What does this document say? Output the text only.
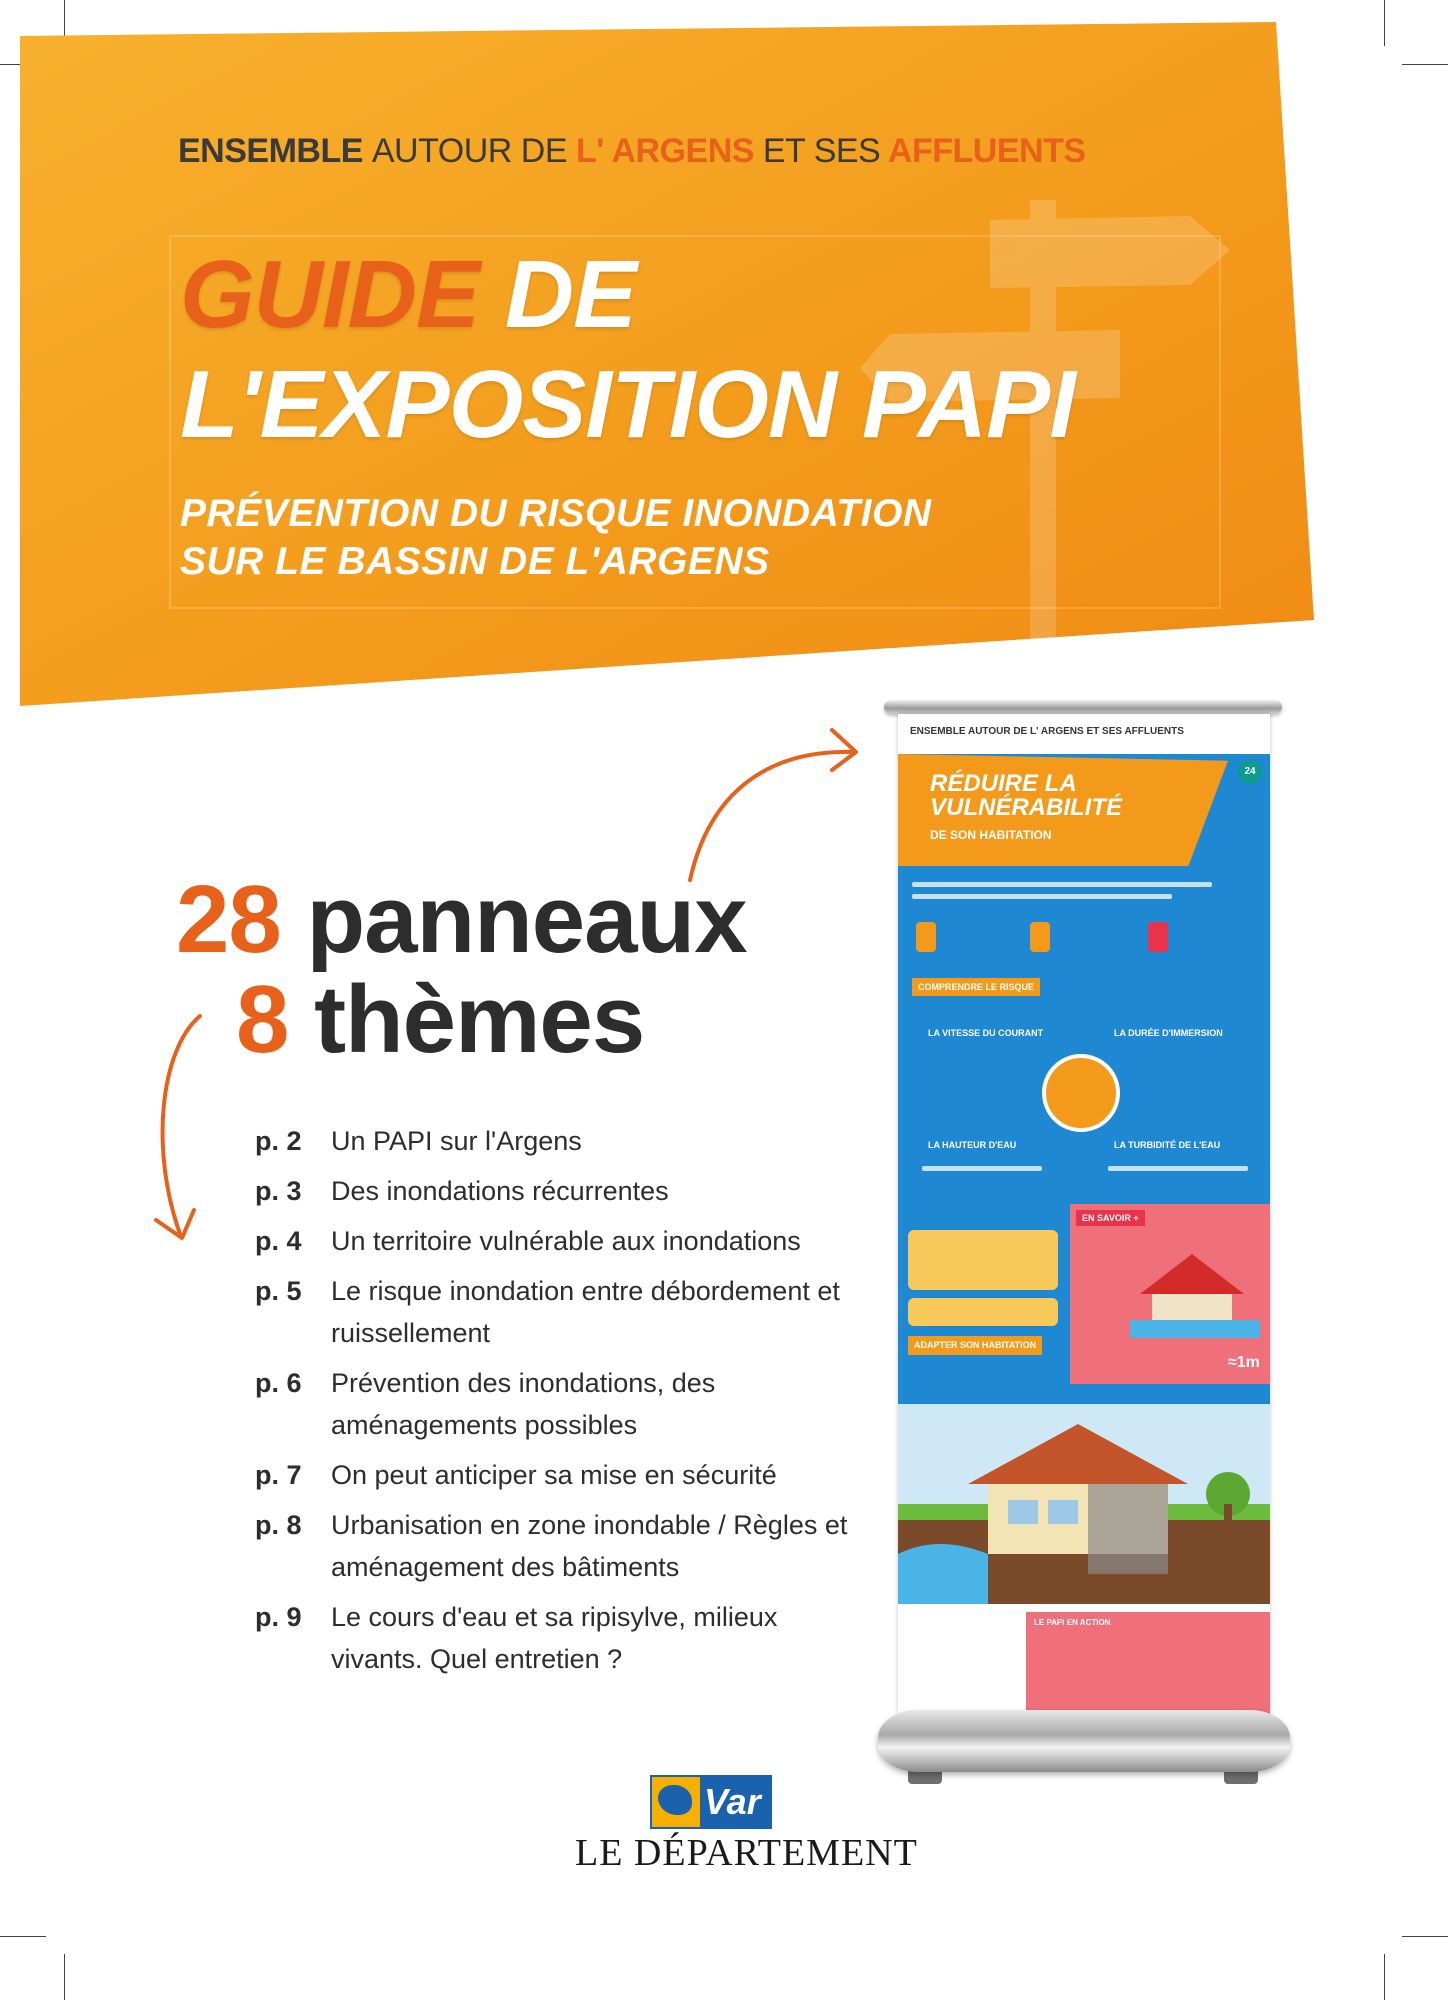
ENSEMBLE AUTOUR DE L' ARGENS ET SES AFFLUENTS
GUIDE DE
L'EXPOSITION PAPI
PRÉVENTION DU RISQUE INONDATION
SUR LE BASSIN DE L'ARGENS
28 panneaux
8 thèmes
p. 2	Un PAPI sur l'Argens
p. 3	Des inondations récurrentes
p. 4	Un territoire vulnérable aux inondations
p. 5	Le risque inondation entre débordement et ruissellement
p. 6	Prévention des inondations, des aménagements possibles
p. 7	On peut anticiper sa mise en sécurité
p. 8	Urbanisation en zone inondable / Règles et aménagement des bâtiments
p. 9	Le cours d'eau et sa ripisylve, milieux vivants. Quel entretien ?
ENSEMBLE AUTOUR DE L' ARGENS ET SES AFFLUENTS
RÉDUIRE LA
VULNÉRABILITÉ
DE SON HABITATION
24
COMPRENDRE LE RISQUE
LA VITESSE DU COURANT	LA DURÉE D'IMMERSION
LA HAUTEUR D'EAU	LA TURBIDITÉ DE L'EAU
EN SAVOIR +
≈1m
ADAPTER SON HABITATION
LE PAPI EN ACTION
Var
LE DÉPARTEMENT
